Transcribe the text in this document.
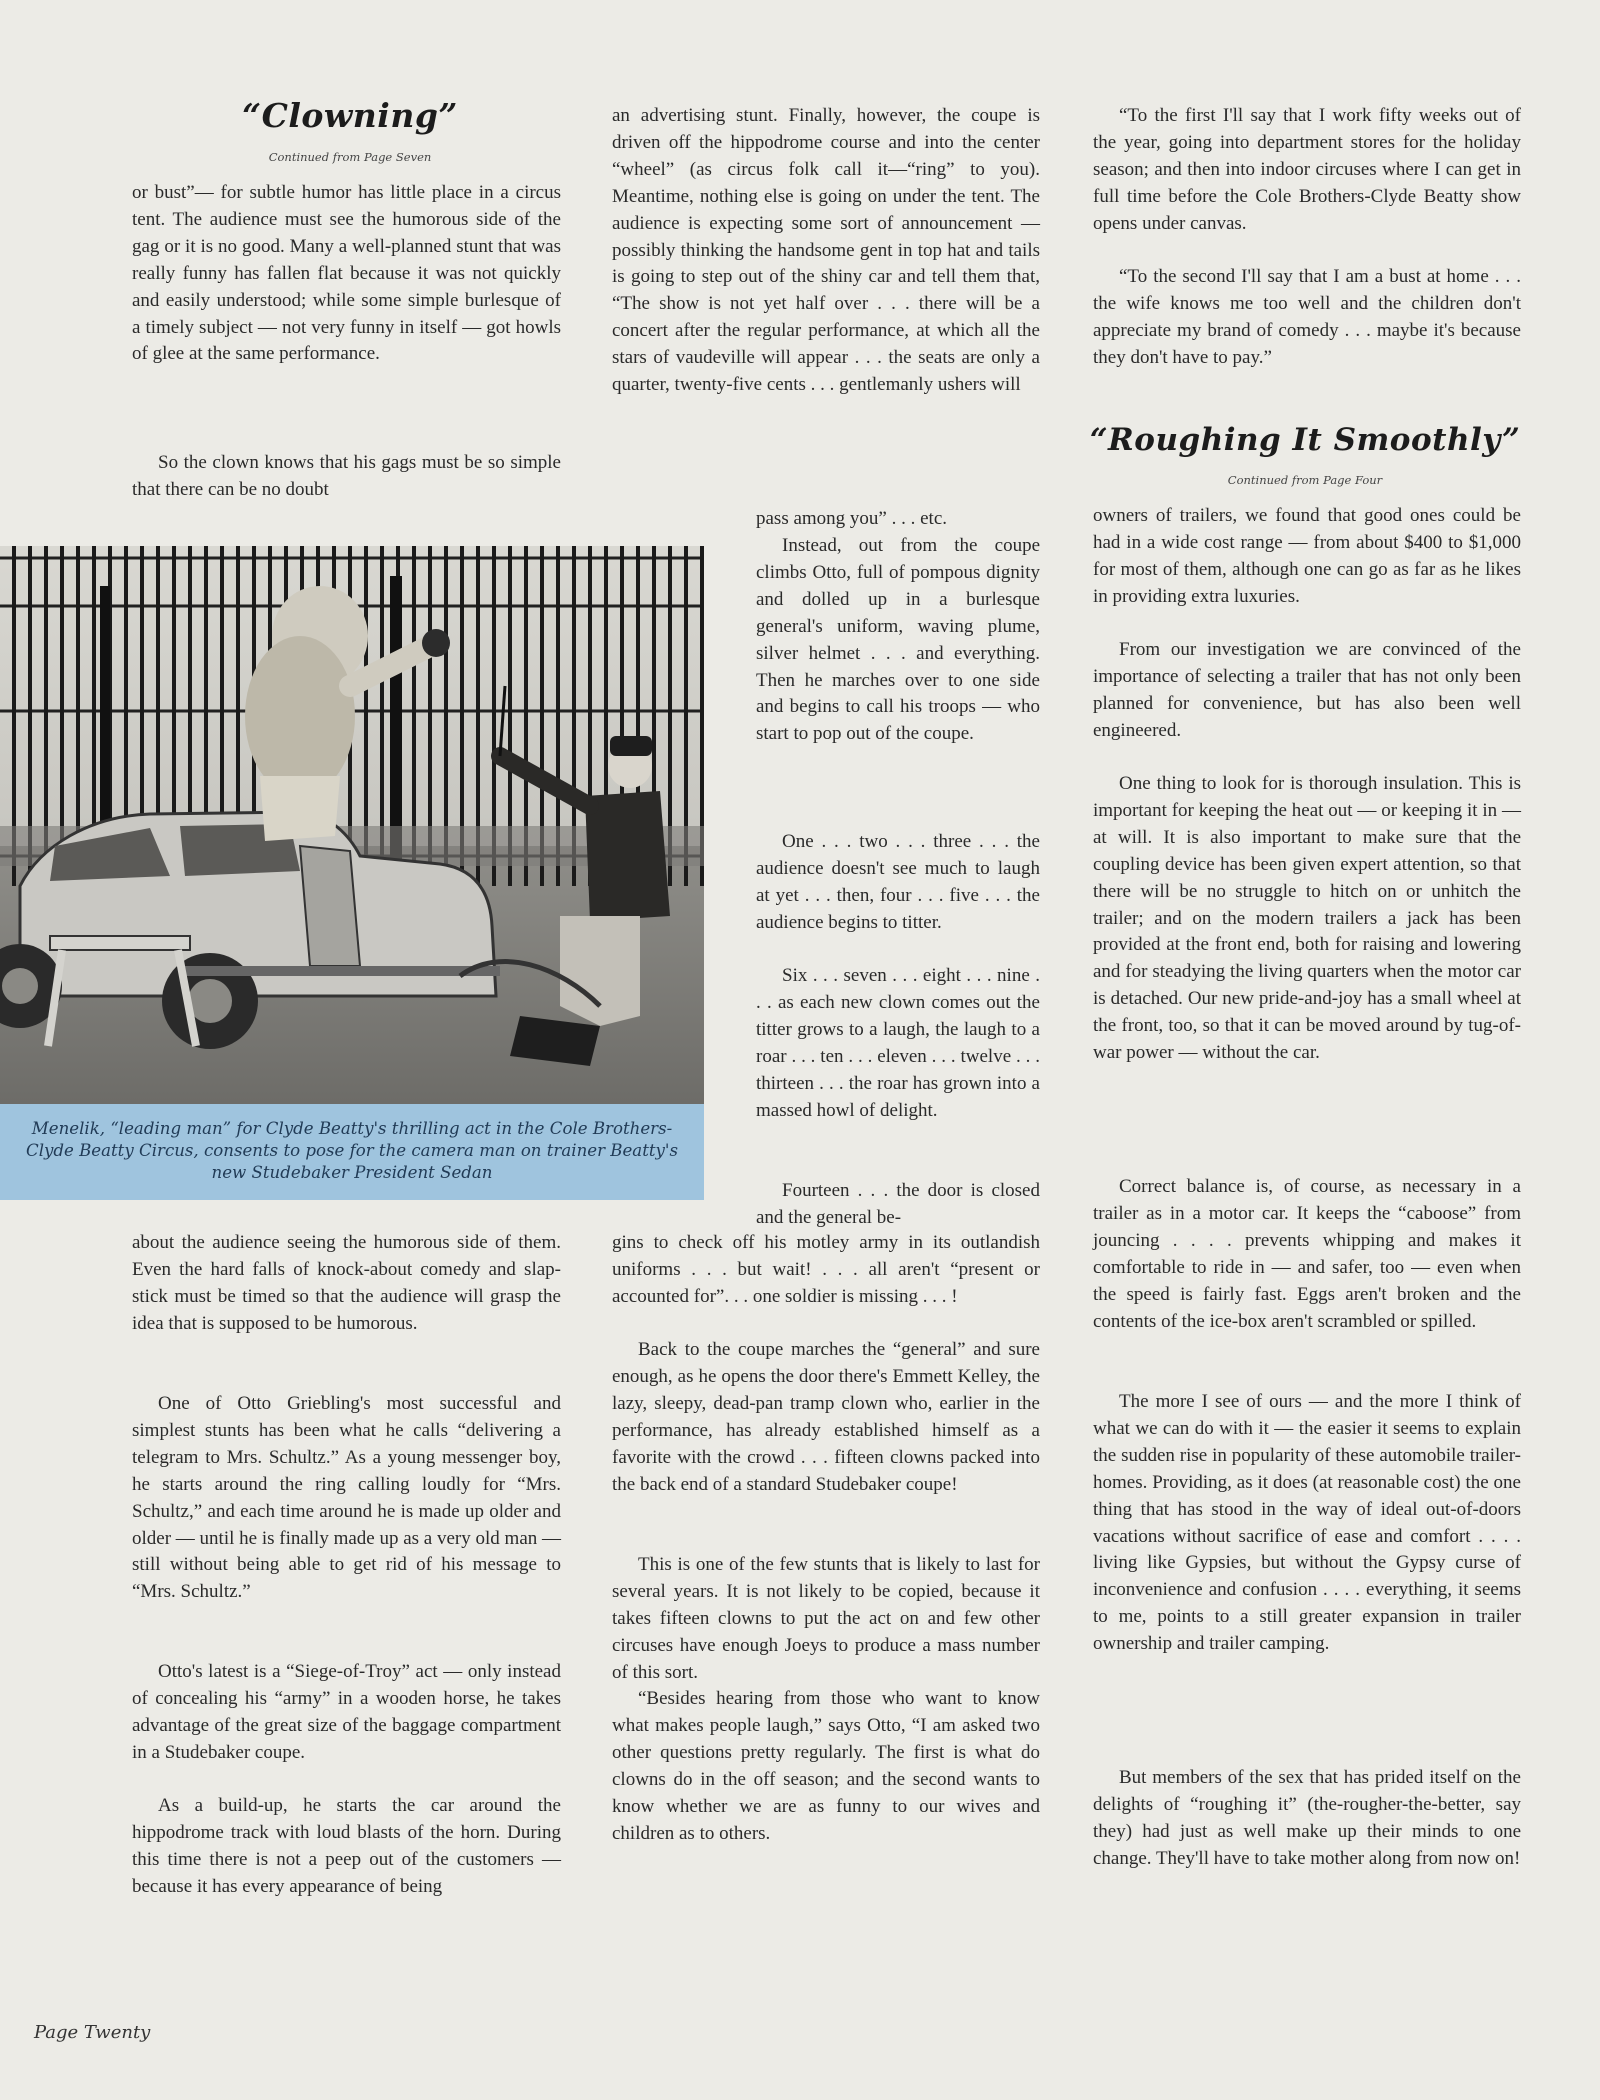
“Clowning”

Continued from Page Seven

or bust”— for subtle humor has little place in a circus tent. The audience must see the humorous side of the gag or it is no good. Many a well-planned stunt that was really funny has fallen flat because it was not quickly and easily understood; while some simple burlesque of a timely subject — not very funny in itself — got howls of glee at the same performance.

So the clown knows that his gags must be so simple that there can be no doubt

Menelik, “leading man” for Clyde Beatty's thrilling act in the Cole Brothers-Clyde Beatty Circus, consents to pose for the camera man on trainer Beatty's new Studebaker President Sedan

about the audience seeing the humorous side of them. Even the hard falls of knock-about comedy and slap-stick must be timed so that the audience will grasp the idea that is supposed to be humorous.

One of Otto Griebling's most successful and simplest stunts has been what he calls “delivering a telegram to Mrs. Schultz.” As a young messenger boy, he starts around the ring calling loudly for “Mrs. Schultz,” and each time around he is made up older and older — until he is finally made up as a very old man — still without being able to get rid of his message to “Mrs. Schultz.”

Otto's latest is a “Siege-of-Troy” act — only instead of concealing his “army” in a wooden horse, he takes advantage of the great size of the baggage compartment in a Studebaker coupe.

As a build-up, he starts the car around the hippodrome track with loud blasts of the horn. During this time there is not a peep out of the customers — because it has every appearance of being

an advertising stunt. Finally, however, the coupe is driven off the hippodrome course and into the center “wheel” (as circus folk call it—“ring” to you). Meantime, nothing else is going on under the tent. The audience is expecting some sort of announcement — possibly thinking the handsome gent in top hat and tails is going to step out of the shiny car and tell them that, “The show is not yet half over . . . there will be a concert after the regular performance, at which all the stars of vaudeville will appear . . . the seats are only a quarter, twenty-five cents . . . gentlemanly ushers will

pass among you” . . . etc.

Instead, out from the coupe climbs Otto, full of pompous dignity and dolled up in a burlesque general's uniform, waving plume, silver helmet . . . and everything. Then he marches over to one side and begins to call his troops — who start to pop out of the coupe.

One . . . two . . . three . . . the audience doesn't see much to laugh at yet . . . then, four . . . five . . . the audience begins to titter.

Six . . . seven . . . eight . . . nine . . . as each new clown comes out the titter grows to a laugh, the laugh to a roar . . . ten . . . eleven . . . twelve . . . thirteen . . . the roar has grown into a massed howl of delight.

Fourteen . . . the door is closed and the general be-

gins to check off his motley army in its outlandish uniforms . . . but wait! . . . all aren't “present or accounted for”. . . one soldier is missing . . . !

Back to the coupe marches the “general” and sure enough, as he opens the door there's Emmett Kelley, the lazy, sleepy, dead-pan tramp clown who, earlier in the performance, has already established himself as a favorite with the crowd . . . fifteen clowns packed into the back end of a standard Studebaker coupe!

This is one of the few stunts that is likely to last for several years. It is not likely to be copied, because it takes fifteen clowns to put the act on and few other circuses have enough Joeys to produce a mass number of this sort.

“Besides hearing from those who want to know what makes people laugh,” says Otto, “I am asked two other questions pretty regularly. The first is what do clowns do in the off season; and the second wants to know whether we are as funny to our wives and children as to others.

“To the first I'll say that I work fifty weeks out of the year, going into department stores for the holiday season; and then into indoor circuses where I can get in full time before the Cole Brothers-Clyde Beatty show opens under canvas.

“To the second I'll say that I am a bust at home . . . the wife knows me too well and the children don't appreciate my brand of comedy . . . maybe it's because they don't have to pay.”

“Roughing It Smoothly”

Continued from Page Four

owners of trailers, we found that good ones could be had in a wide cost range — from about $400 to $1,000 for most of them, although one can go as far as he likes in providing extra luxuries.

From our investigation we are convinced of the importance of selecting a trailer that has not only been planned for convenience, but has also been well engineered.

One thing to look for is thorough insulation. This is important for keeping the heat out — or keeping it in — at will. It is also important to make sure that the coupling device has been given expert attention, so that there will be no struggle to hitch on or unhitch the trailer; and on the modern trailers a jack has been provided at the front end, both for raising and lowering and for steadying the living quarters when the motor car is detached. Our new pride-and-joy has a small wheel at the front, too, so that it can be moved around by tug-of-war power — without the car.

Correct balance is, of course, as necessary in a trailer as in a motor car. It keeps the “caboose” from jouncing . . . . prevents whipping and makes it comfortable to ride in — and safer, too — even when the speed is fairly fast. Eggs aren't broken and the contents of the ice-box aren't scrambled or spilled.

The more I see of ours — and the more I think of what we can do with it — the easier it seems to explain the sudden rise in popularity of these automobile trailer-homes. Providing, as it does (at reasonable cost) the one thing that has stood in the way of ideal out-of-doors vacations without sacrifice of ease and comfort . . . . living like Gypsies, but without the Gypsy curse of inconvenience and confusion . . . . everything, it seems to me, points to a still greater expansion in trailer ownership and trailer camping.

But members of the sex that has prided itself on the delights of “roughing it” (the-rougher-the-better, say they) had just as well make up their minds to one change. They'll have to take mother along from now on!

Page Twenty
